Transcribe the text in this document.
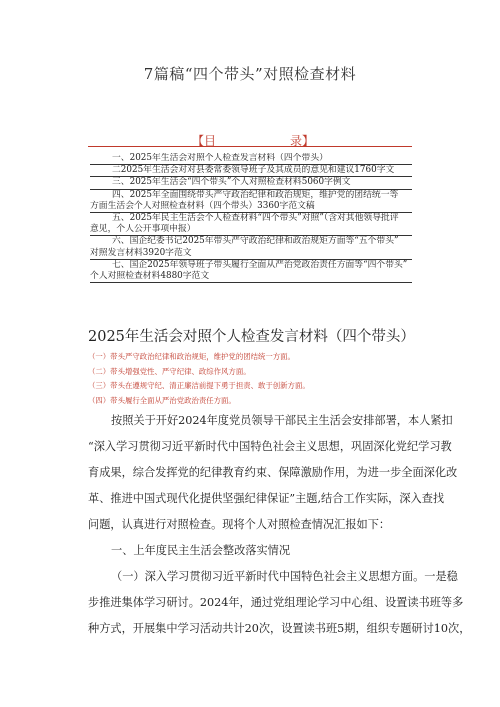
7篇稿“四个带头”对照检查材料
【目	录】
一、2025年生活会对照个人检查发言材料（四个带头）
二2025年生活会对对县委常委领导班子及其成员的意见和建议1760字文
三、2025年生活会“四个带头”个人对照检查材料5060字例文
四、2025年全面围绕带头严守政治纪律和政治规矩，维护党的团结统一等
方面生活会个人对照检查材料（四个带头）3360字范文稿
五、2025年民主生活会个人检查材料“四个带头”对照”（含对其他领导批评
意见，个人公开事项申报）
六、国企纪委书记2025年带头严守政治纪律和政治规矩方面等“五个带头”
对照发言材料3920字范文
七、国企2025年领导班子带头履行全面从严治党政治责任方面等“四个带头”
个人对照检查材料4880字范文
2025年生活会对照个人检查发言材料（四个带头）
（一）带头严守政治纪律和政治规矩，维护党的团结统一方面。
（二）带头增强党性、严守纪律、政综作风方面。
（三）带头在遵规守纪、清正廉洁前提下勇于担责、敢于创新方面。
（四）带头履行全面从严治党政治责任方面。

按照关于开好2024年度党员领导干部民主生活会安排部署，本人紧扣

“深入学习贯彻习近平新时代中国特色社会主义思想，巩固深化党纪学习教

育成果，综合发挥党的纪律教育约束、保障激励作用，为进一步全面深化改

革、推进中国式现代化提供坚强纪律保证”主题,结合工作实际，深入查找

问题，认真进行对照检查。现将个人对照检查情况汇报如下：

一、上年度民主生活会整改落实情况

（一）深入学习贯彻习近平新时代中国特色社会主义思想方面。一是稳

步推进集体学习研讨。2024年，通过党组理论学习中心组、设置读书班等多

种方式，开展集中学习活动共计20次，设置读书班5期，组织专题研讨10次，
